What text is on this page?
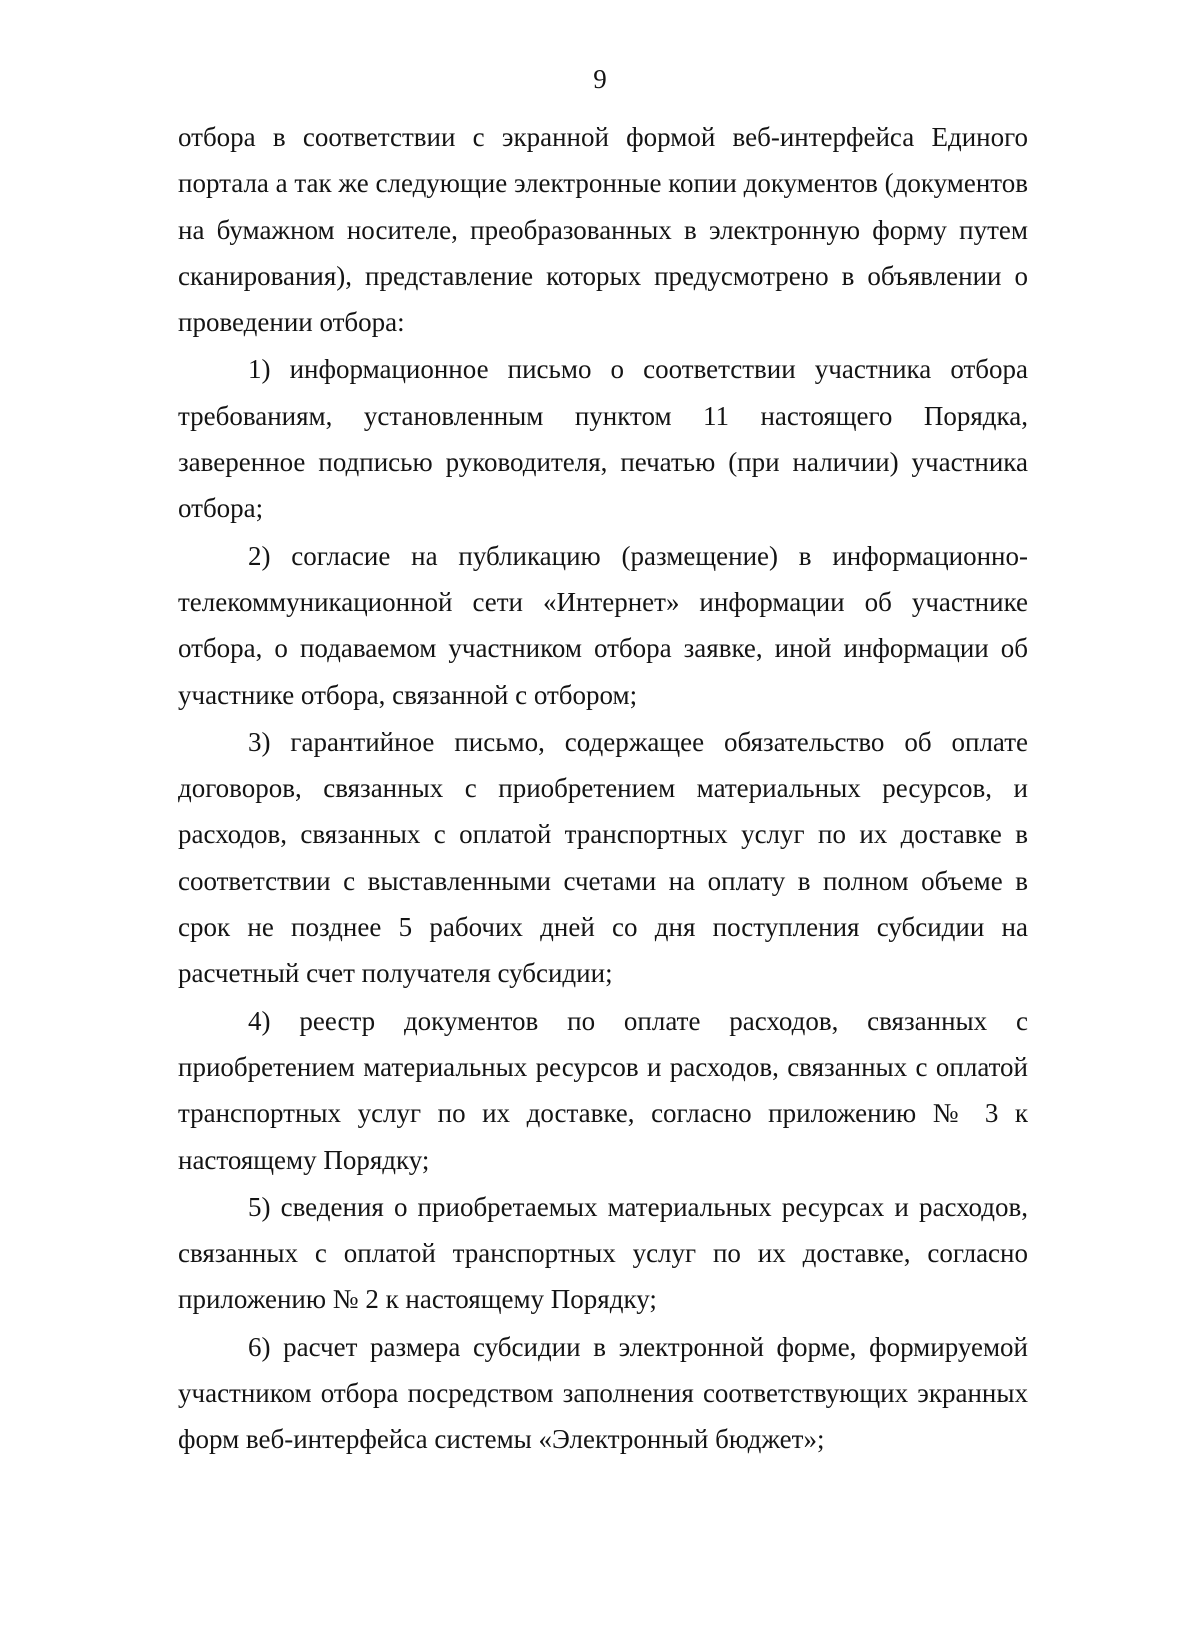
9

отбора в соответствии с экранной формой веб-интерфейса Единого портала а так же следующие электронные копии документов (документов на бумажном носителе, преобразованных в электронную форму путем сканирования), представление которых предусмотрено в объявлении о проведении отбора:

1) информационное письмо о соответствии участника отбора требованиям, установленным пунктом 11 настоящего Порядка, заверенное подписью руководителя, печатью (при наличии) участника отбора;

2) согласие на публикацию (размещение) в информационно-телекоммуникационной сети «Интернет» информации об участнике отбора, о подаваемом участником отбора заявке, иной информации об участнике отбора, связанной с отбором;

3) гарантийное письмо, содержащее обязательство об оплате договоров, связанных с приобретением материальных ресурсов, и расходов, связанных с оплатой транспортных услуг по их доставке в соответствии с выставленными счетами на оплату в полном объеме в срок не позднее 5 рабочих дней со дня поступления субсидии на расчетный счет получателя субсидии;

4) реестр документов по оплате расходов, связанных с приобретением материальных ресурсов и расходов, связанных с оплатой транспортных услуг по их доставке, согласно приложению № 3 к настоящему Порядку;

5) сведения о приобретаемых материальных ресурсах и расходов, связанных с оплатой транспортных услуг по их доставке, согласно приложению № 2 к настоящему Порядку;

6) расчет размера субсидии в электронной форме, формируемой участником отбора посредством заполнения соответствующих экранных форм веб-интерфейса системы «Электронный бюджет»;
